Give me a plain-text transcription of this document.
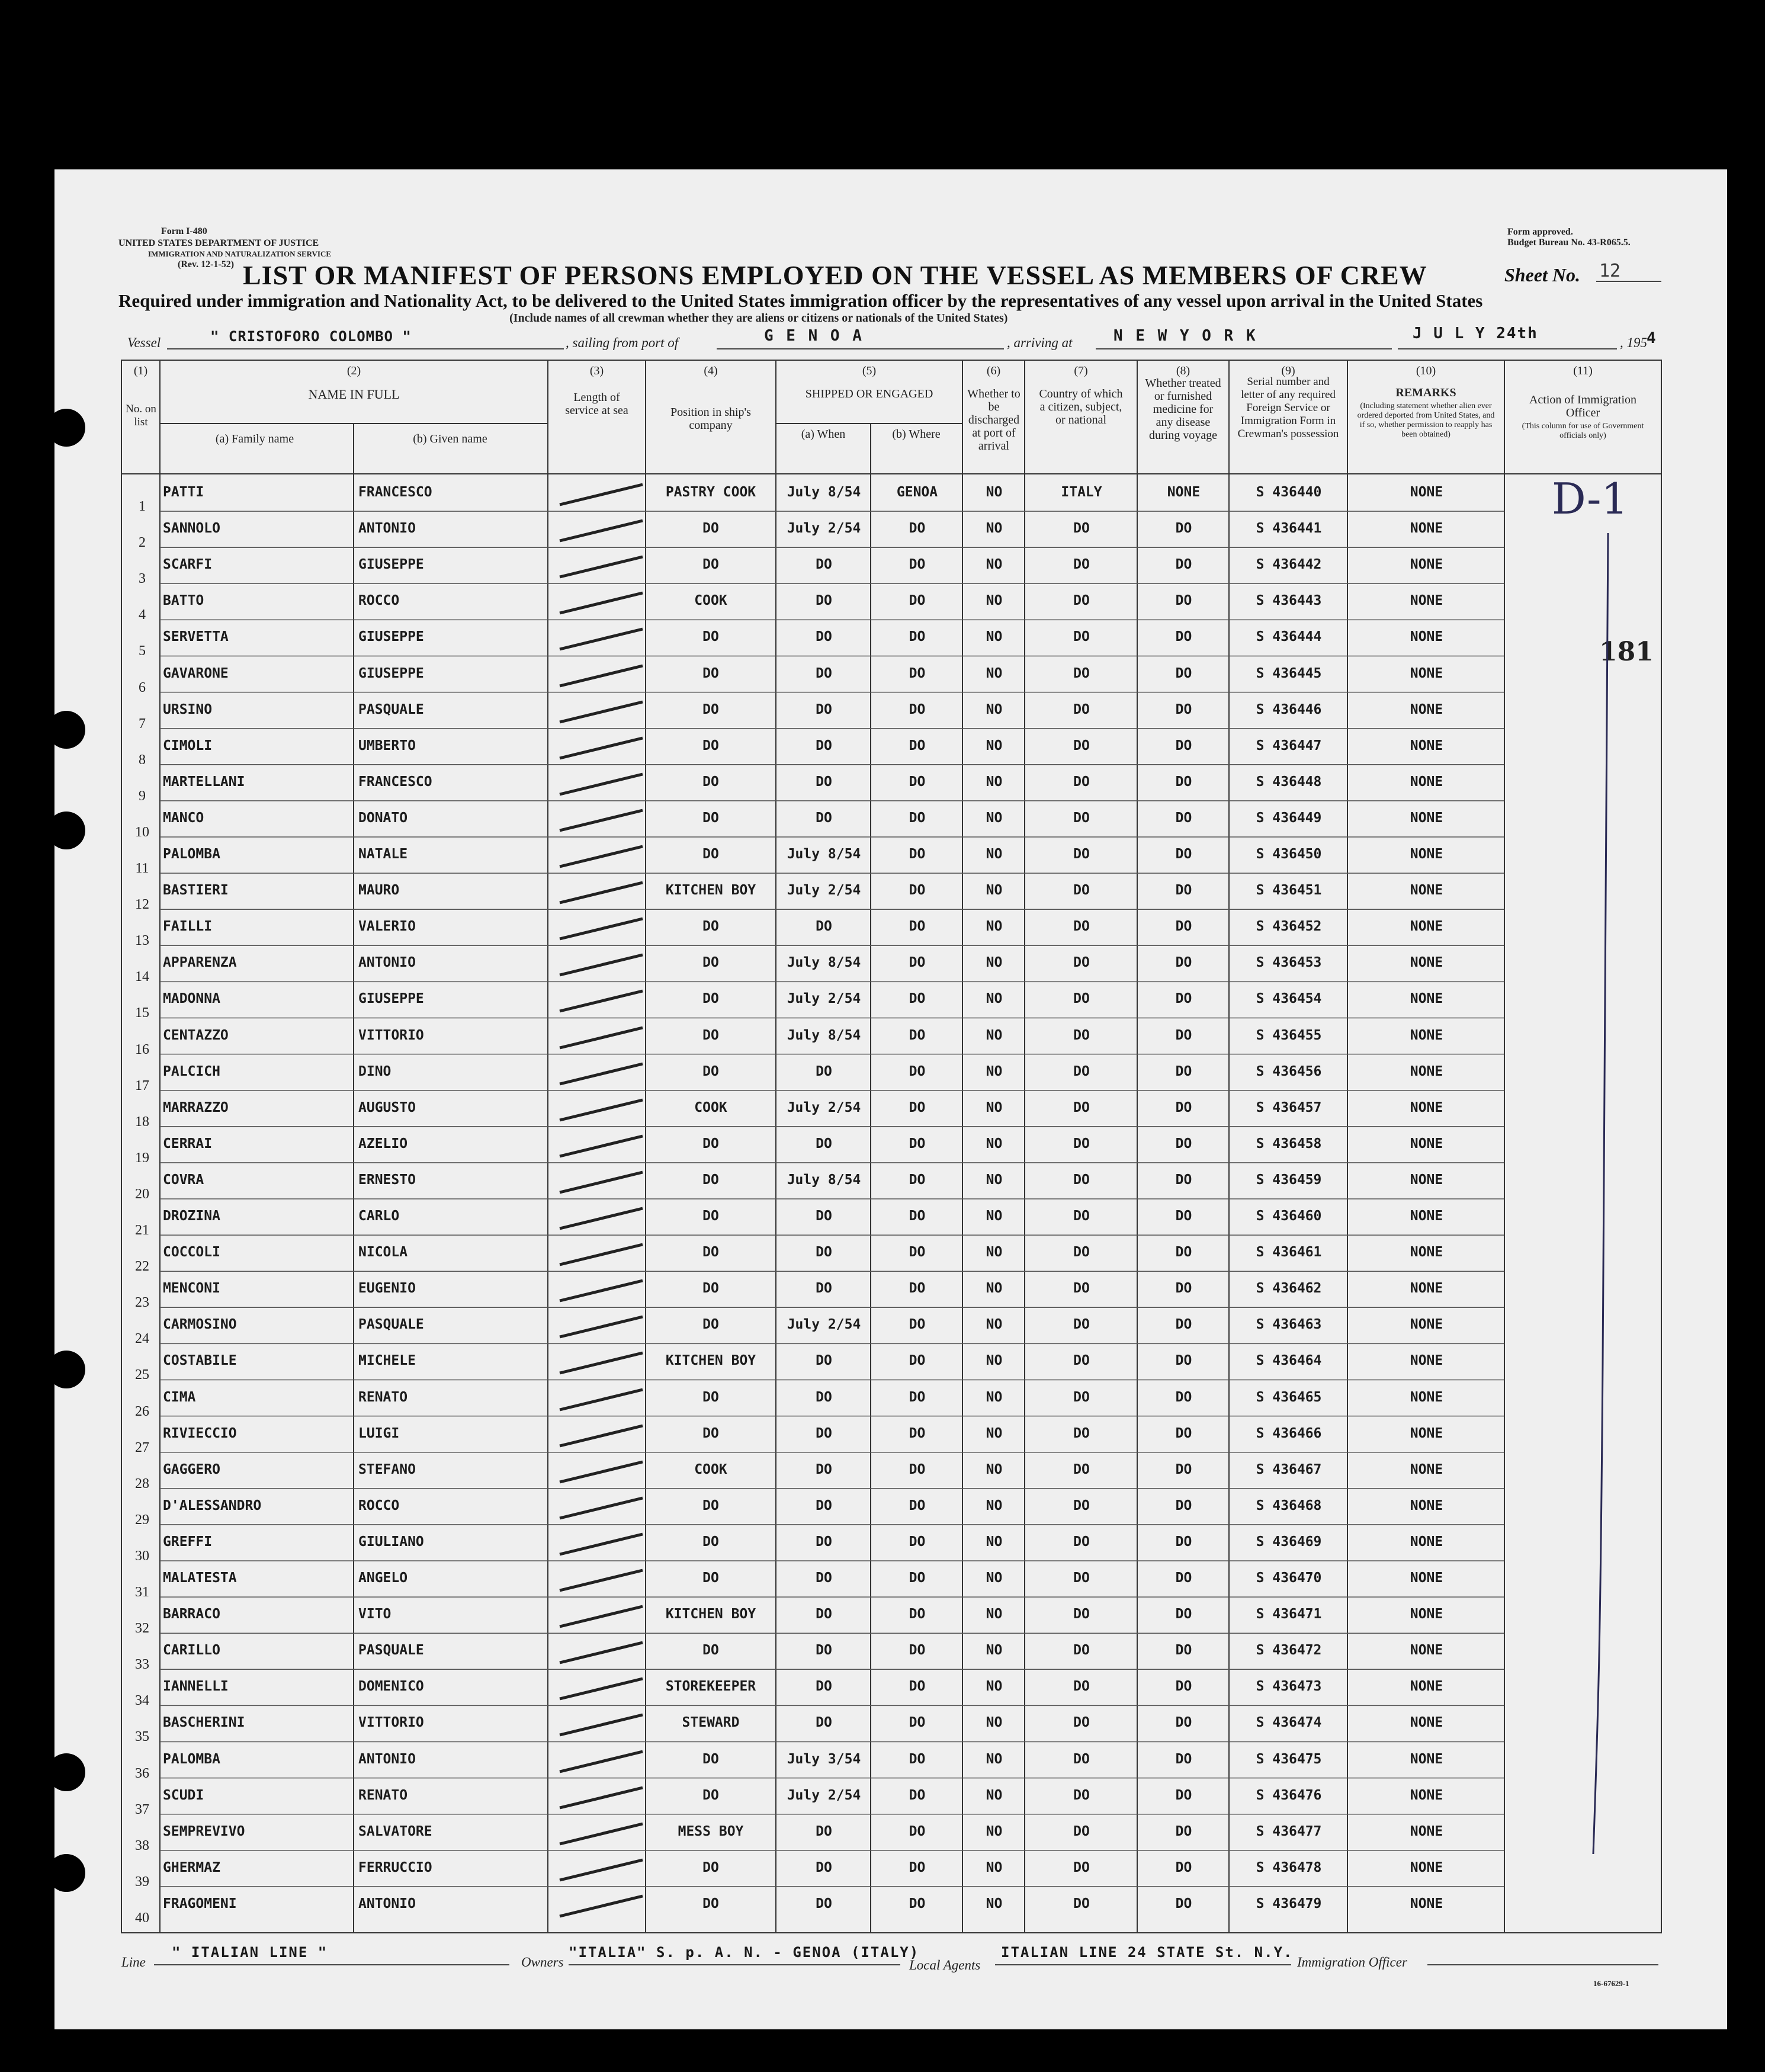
Form I-480
UNITED STATES DEPARTMENT OF JUSTICE
IMMIGRATION AND NATURALIZATION SERVICE
(Rev. 12-1-52)
Form approved.
Budget Bureau No. 43-R065.5.
LIST OR MANIFEST OF PERSONS EMPLOYED ON THE VESSEL AS MEMBERS OF CREW	Sheet No. 12
Required under immigration and Nationality Act, to be delivered to the United States immigration officer by the representatives of any vessel upon arrival in the United States
(Include names of all crewman whether they are aliens or citizens or nationals of the United States)
Vessel	" CRISTOFORO COLOMBO "	, sailing from port of	G E N O A	, arriving at	N E W Y O R K	J U L Y 24th
, 195 4
(1)
No. on list
(2)
NAME IN FULL
(a) Family name	(b) Given name
(3)
Length of service at sea
(4)
Position in ship's company
(5)
SHIPPED OR ENGAGED
(a) When	(b) Where
(6)
Whether to be discharged at port of arrival
(7)
Country of which a citizen, subject, or national
(8)
Whether treated or furnished medicine for any disease during voyage
(9)
Serial number and letter of any required Foreign Service or Immigration Form in Crewman's possession
(10)
REMARKS
(Including statement whether alien ever ordered deported from United States, and if so, whether permission to reapply has been obtained)
(11)
Action of Immigration Officer
(This column for use of Government officials only)
1
PATTI	FRANCESCO	PASTRY COOK	July 8/54	GENOA	NO	ITALY	NONE	S 436440	NONE
2
SANNOLO	ANTONIO	DO	July 2/54	DO	NO	DO	DO	S 436441	NONE
3
SCARFI	GIUSEPPE	DO	DO	DO	NO	DO	DO	S 436442	NONE
4
BATTO	ROCCO	COOK	DO	DO	NO	DO	DO	S 436443	NONE
5
SERVETTA	GIUSEPPE	DO	DO	DO	NO	DO	DO	S 436444	NONE
6
GAVARONE	GIUSEPPE	DO	DO	DO	NO	DO	DO	S 436445	NONE
7
URSINO	PASQUALE	DO	DO	DO	NO	DO	DO	S 436446	NONE
8
CIMOLI	UMBERTO	DO	DO	DO	NO	DO	DO	S 436447	NONE
9
MARTELLANI	FRANCESCO	DO	DO	DO	NO	DO	DO	S 436448	NONE
10
MANCO	DONATO	DO	DO	DO	NO	DO	DO	S 436449	NONE
11
PALOMBA	NATALE	DO	July 8/54	DO	NO	DO	DO	S 436450	NONE
12
BASTIERI	MAURO	KITCHEN BOY	July 2/54	DO	NO	DO	DO	S 436451	NONE
13
FAILLI	VALERIO	DO	DO	DO	NO	DO	DO	S 436452	NONE
14
APPARENZA	ANTONIO	DO	July 8/54	DO	NO	DO	DO	S 436453	NONE
15
MADONNA	GIUSEPPE	DO	July 2/54	DO	NO	DO	DO	S 436454	NONE
16
CENTAZZO	VITTORIO	DO	July 8/54	DO	NO	DO	DO	S 436455	NONE
17
PALCICH	DINO	DO	DO	DO	NO	DO	DO	S 436456	NONE
18
MARRAZZO	AUGUSTO	COOK	July 2/54	DO	NO	DO	DO	S 436457	NONE
19
CERRAI	AZELIO	DO	DO	DO	NO	DO	DO	S 436458	NONE
20
COVRA	ERNESTO	DO	July 8/54	DO	NO	DO	DO	S 436459	NONE
21
DROZINA	CARLO	DO	DO	DO	NO	DO	DO	S 436460	NONE
22
COCCOLI	NICOLA	DO	DO	DO	NO	DO	DO	S 436461	NONE
23
MENCONI	EUGENIO	DO	DO	DO	NO	DO	DO	S 436462	NONE
24
CARMOSINO	PASQUALE	DO	July 2/54	DO	NO	DO	DO	S 436463	NONE
25
COSTABILE	MICHELE	KITCHEN BOY	DO	DO	NO	DO	DO	S 436464	NONE
26
CIMA	RENATO	DO	DO	DO	NO	DO	DO	S 436465	NONE
27
RIVIECCIO	LUIGI	DO	DO	DO	NO	DO	DO	S 436466	NONE
28
GAGGERO	STEFANO	COOK	DO	DO	NO	DO	DO	S 436467	NONE
29
D'ALESSANDRO	ROCCO	DO	DO	DO	NO	DO	DO	S 436468	NONE
30
GREFFI	GIULIANO	DO	DO	DO	NO	DO	DO	S 436469	NONE
31
MALATESTA	ANGELO	DO	DO	DO	NO	DO	DO	S 436470	NONE
32
BARRACO	VITO	KITCHEN BOY	DO	DO	NO	DO	DO	S 436471	NONE
33
CARILLO	PASQUALE	DO	DO	DO	NO	DO	DO	S 436472	NONE
34
IANNELLI	DOMENICO	STOREKEEPER	DO	DO	NO	DO	DO	S 436473	NONE
35
BASCHERINI	VITTORIO	STEWARD	DO	DO	NO	DO	DO	S 436474	NONE
36
PALOMBA	ANTONIO	DO	July 3/54	DO	NO	DO	DO	S 436475	NONE
37
SCUDI	RENATO	DO	July 2/54	DO	NO	DO	DO	S 436476	NONE
38
SEMPREVIVO	SALVATORE	MESS BOY	DO	DO	NO	DO	DO	S 436477	NONE
39
GHERMAZ	FERRUCCIO	DO	DO	DO	NO	DO	DO	S 436478	NONE
40
FRAGOMENI	ANTONIO	DO	DO	DO	NO	DO	DO	S 436479	NONE
D-1
181
Line
" ITALIAN LINE "
Owners
"ITALIA" S. p. A. N. - GENOA (ITALY)
Local Agents
ITALIAN LINE 24 STATE St. N.Y.
Immigration Officer
16-67629-1
